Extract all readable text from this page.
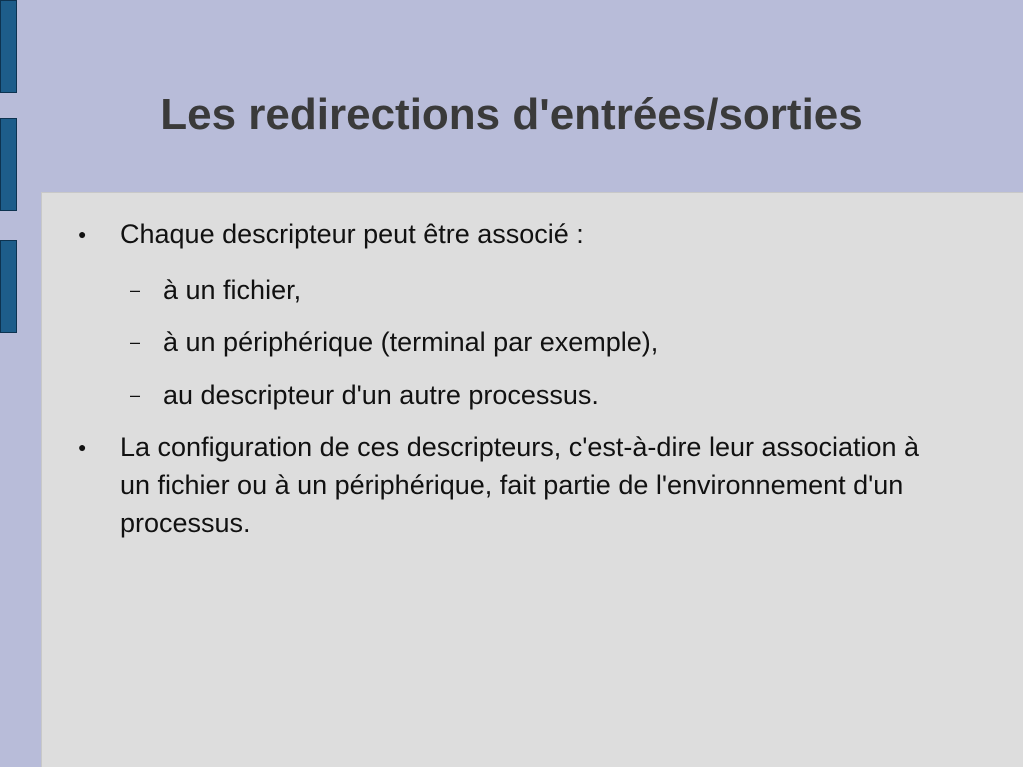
Les redirections d'entrées/sorties
●	Chaque descripteur peut être associé :
– à un fichier,
– à un périphérique (terminal par exemple),
– au descripteur d'un autre processus.
●	La configuration de ces descripteurs, c'est-à-dire leur association à un fichier ou à un périphérique, fait partie de l'environnement d'un processus.
